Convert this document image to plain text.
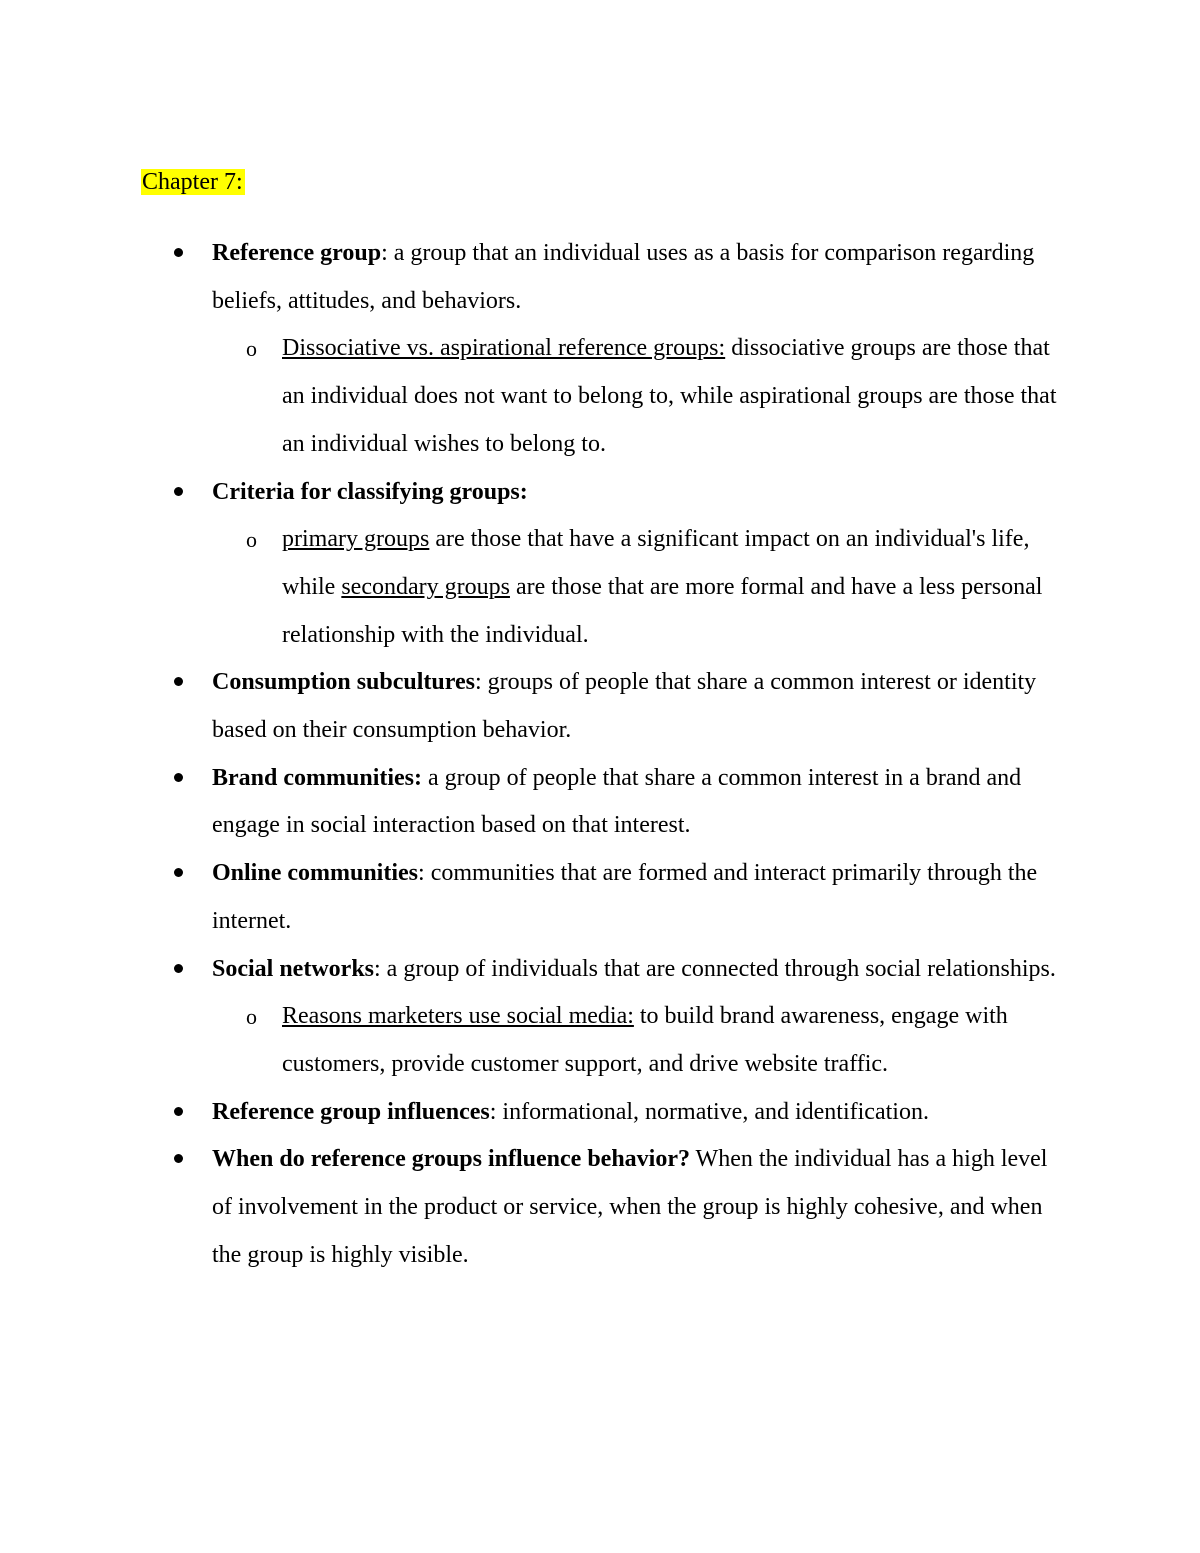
Chapter 7:
Reference group: a group that an individual uses as a basis for comparison regarding beliefs, attitudes, and behaviors.
o Dissociative vs. aspirational reference groups: dissociative groups are those that an individual does not want to belong to, while aspirational groups are those that an individual wishes to belong to.
Criteria for classifying groups:
o primary groups are those that have a significant impact on an individual's life, while secondary groups are those that are more formal and have a less personal relationship with the individual.
Consumption subcultures: groups of people that share a common interest or identity based on their consumption behavior.
Brand communities: a group of people that share a common interest in a brand and engage in social interaction based on that interest.
Online communities: communities that are formed and interact primarily through the internet.
Social networks: a group of individuals that are connected through social relationships.
o Reasons marketers use social media: to build brand awareness, engage with customers, provide customer support, and drive website traffic.
Reference group influences: informational, normative, and identification.
When do reference groups influence behavior? When the individual has a high level of involvement in the product or service, when the group is highly cohesive, and when the group is highly visible.
